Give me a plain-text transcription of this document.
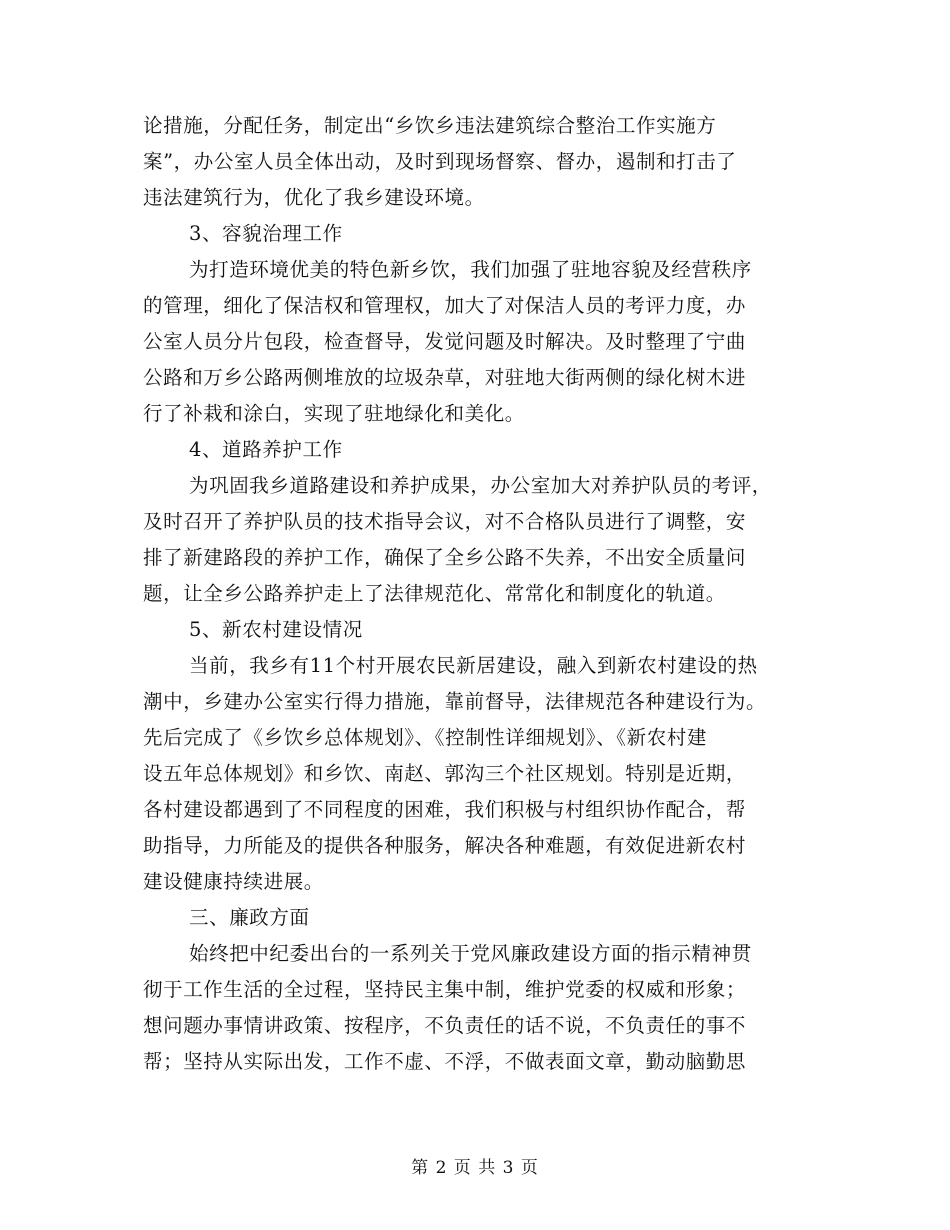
论措施，分配任务，制定出“乡饮乡违法建筑综合整治工作实施方
案”，办公室人员全体出动，及时到现场督察、督办，遏制和打击了
违法建筑行为，优化了我乡建设环境。
3、容貌治理工作
为打造环境优美的特色新乡饮，我们加强了驻地容貌及经营秩序
的管理，细化了保洁权和管理权，加大了对保洁人员的考评力度，办
公室人员分片包段，检查督导，发觉问题及时解决。及时整理了宁曲
公路和万乡公路两侧堆放的垃圾杂草，对驻地大街两侧的绿化树木进
行了补栽和涂白，实现了驻地绿化和美化。
4、道路养护工作
为巩固我乡道路建设和养护成果，办公室加大对养护队员的考评，
及时召开了养护队员的技术指导会议，对不合格队员进行了调整，安
排了新建路段的养护工作，确保了全乡公路不失养，不出安全质量问
题，让全乡公路养护走上了法律规范化、常常化和制度化的轨道。
5、新农村建设情况
当前，我乡有11个村开展农民新居建设，融入到新农村建设的热
潮中，乡建办公室实行得力措施，靠前督导，法律规范各种建设行为。
先后完成了《乡饮乡总体规划》、《控制性详细规划》、《新农村建
设五年总体规划》和乡饮、南赵、郭沟三个社区规划。特别是近期，
各村建设都遇到了不同程度的困难，我们积极与村组织协作配合，帮
助指导，力所能及的提供各种服务，解决各种难题，有效促进新农村
建设健康持续进展。
三、廉政方面
始终把中纪委出台的一系列关于党风廉政建设方面的指示精神贯
彻于工作生活的全过程，坚持民主集中制，维护党委的权威和形象；
想问题办事情讲政策、按程序，不负责任的话不说，不负责任的事不
帮；坚持从实际出发，工作不虚、不浮，不做表面文章，勤动脑勤思
第 2 页 共 3 页
